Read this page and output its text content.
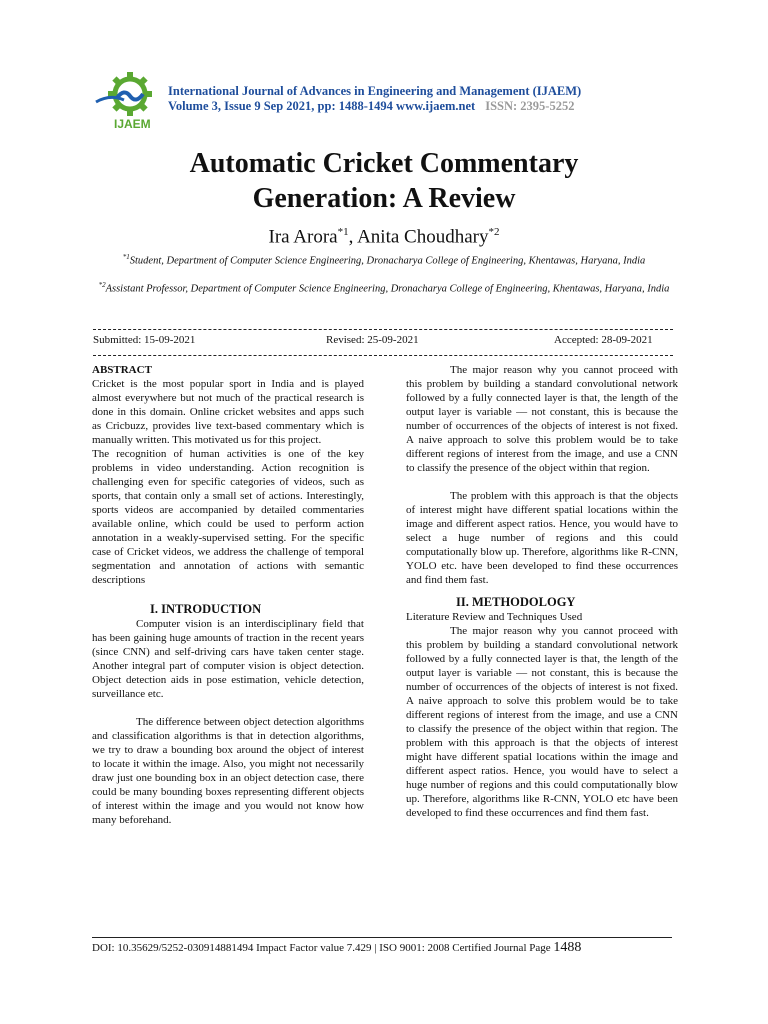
IJAEM
International Journal of Advances in Engineering and Management (IJAEM)
Volume 3, Issue 9 Sep 2021, pp: 1488-1494 www.ijaem.net ISSN: 2395-5252
Automatic Cricket Commentary
Generation: A Review
Ira Arora$^{*1}$, Anita Choudhary$^{*2}$
$^{*1}$Student, Department of Computer Science Engineering, Dronacharya College of Engineering, Khentawas, Haryana, India
$^{*2}$Assistant Professor, Department of Computer Science Engineering, Dronacharya College of Engineering, Khentawas, Haryana, India
Submitted: 15-09-2021	Revised: 25-09-2021	Accepted: 28-09-2021
ABSTRACT

Cricket is the most popular sport in India and is played almost everywhere but not much of the practical research is done in this domain. Online cricket websites and apps such as Cricbuzz, provides live text-based commentary which is manually written. This motivated us for this project.

The recognition of human activities is one of the key problems in video understanding. Action recognition is challenging even for specific categories of videos, such as sports, that contain only a small set of actions. Interestingly, sports videos are accompanied by detailed commentaries available online, which could be used to perform action annotation in a weakly-supervised setting. For the specific case of Cricket videos, we address the challenge of temporal segmentation and annotation of actions with semantic descriptions

I. INTRODUCTION

Computer vision is an interdisciplinary field that has been gaining huge amounts of traction in the recent years (since CNN) and self-driving cars have taken center stage. Another integral part of computer vision is object detection. Object detection aids in pose estimation, vehicle detection, surveillance etc.

The difference between object detection algorithms and classification algorithms is that in detection algorithms, we try to draw a bounding box around the object of interest to locate it within the image. Also, you might not necessarily draw just one bounding box in an object detection case, there could be many bounding boxes representing different objects of interest within the image and you would not know how many beforehand.

The major reason why you cannot proceed with this problem by building a standard convolutional network followed by a fully connected layer is that, the length of the output layer is variable — not constant, this is because the number of occurrences of the objects of interest is not fixed. A naive approach to solve this problem would be to take different regions of interest from the image, and use a CNN to classify the presence of the object within that region.

The problem with this approach is that the objects of interest might have different spatial locations within the image and different aspect ratios. Hence, you would have to select a huge number of regions and this could computationally blow up. Therefore, algorithms like R-CNN, YOLO etc. have been developed to find these occurrences and find them fast.

II. METHODOLOGY
Literature Review and Techniques Used

The major reason why you cannot proceed with this problem by building a standard convolutional network followed by a fully connected layer is that, the length of the output layer is variable — not constant, this is because the number of occurrences of the objects of interest is not fixed. A naive approach to solve this problem would be to take different regions of interest from the image, and use a CNN to classify the presence of the object within that region. The problem with this approach is that the objects of interest might have different spatial locations within the image and different aspect ratios. Hence, you would have to select a huge number of regions and this could computationally blow up. Therefore, algorithms like R-CNN, YOLO etc have been developed to find these occurrences and find them fast.

DOI: 10.35629/5252-030914881494 Impact Factor value 7.429 | ISO 9001: 2008 Certified Journal Page 1488
